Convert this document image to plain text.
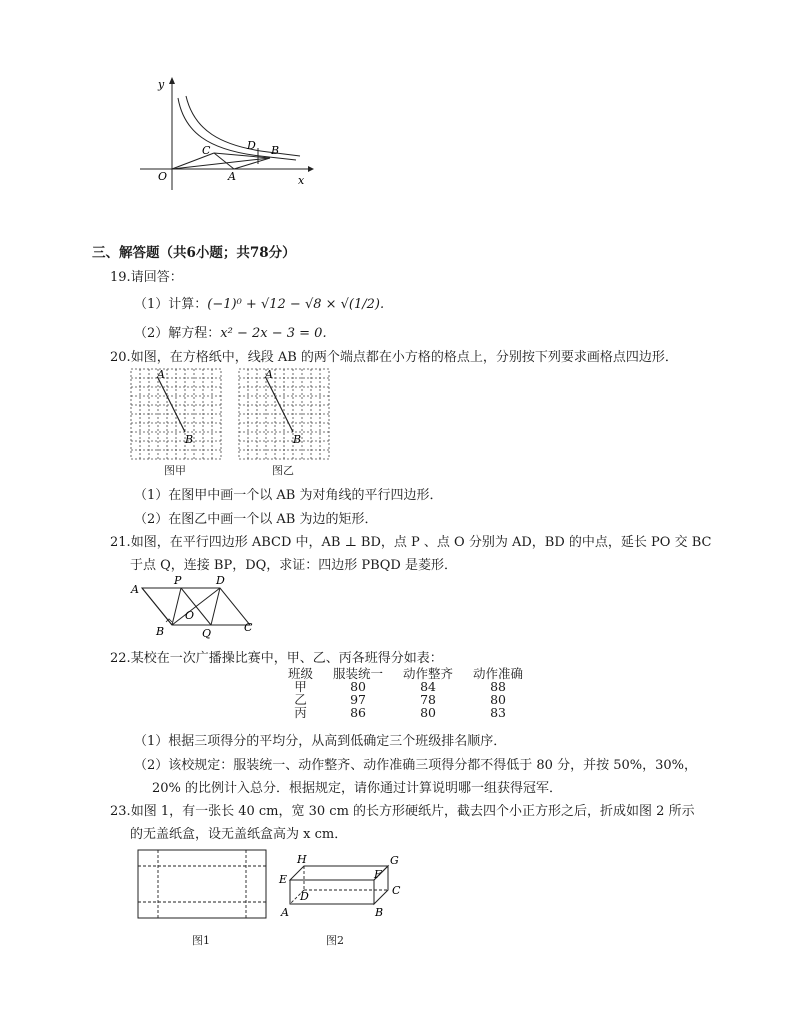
y
x
O
C	D B
A
三、解答题（共6小题；共78分）
19.请回答：
（1）计算：(−1)⁰ + √12 − √8 × √(1/2).
（2）解方程：x² − 2x − 3 = 0.
20.如图，在方格纸中，线段 AB 的两个端点都在小方格的格点上，分别按下列要求画格点四边形．
A
B
图甲
A
B
图乙
（1）在图甲中画一个以 AB 为对角线的平行四边形．
（2）在图乙中画一个以 AB 为边的矩形．
21.如图，在平行四边形 ABCD 中，AB ⊥ BD，点 P 、点 O 分别为 AD，BD 的中点，延长 PO 交 BC
于点 Q，连接 BP，DQ，求证：四边形 PBQD 是菱形．
A
P	D
O
B	Q	C
22.某校在一次广播操比赛中，甲、乙、丙各班得分如表：
班级	服装统一	动作整齐	动作准确
甲	80	84	88
乙	97	78	80
丙	86	80	83
（1）根据三项得分的平均分，从高到低确定三个班级排名顺序．
（2）该校规定：服装统一、动作整齐、动作准确三项得分都不得低于 80 分，并按 50%，30%，
20% 的比例计入总分．根据规定，请你通过计算说明哪一组获得冠军．
23.如图 1，有一张长 40 cm，宽 30 cm 的长方形硬纸片，截去四个小正方形之后，折成如图 2 所示
的无盖纸盒，设无盖纸盒高为 x cm．
图1
H	G
E	F
D	C
A	B
图2
